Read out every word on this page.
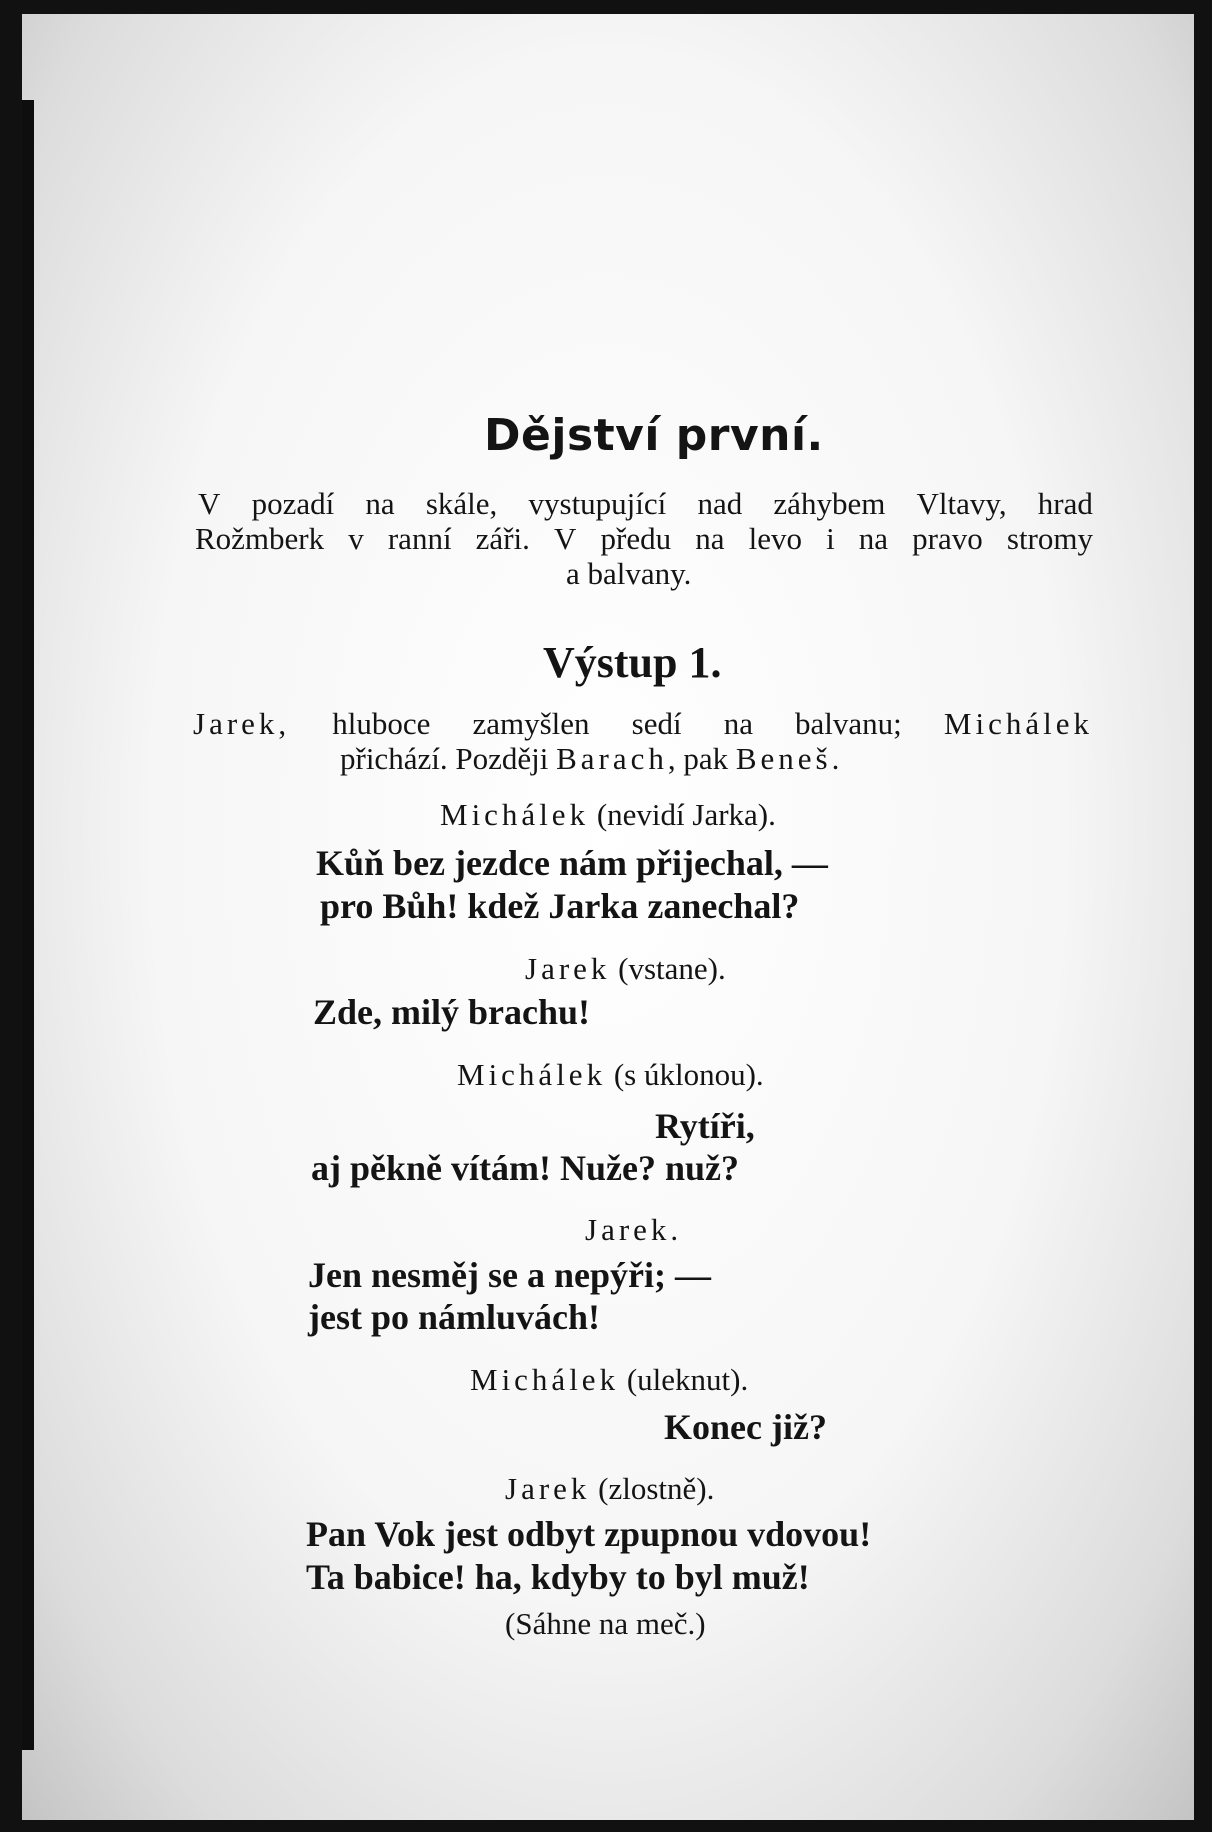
Dějství první.
V pozadí na skále, vystupující nad záhybem Vltavy, hrad
Rožmberk v ranní záři. V předu na levo i na pravo stromy
a balvany.
Výstup 1.
Jarek, hluboce zamyšlen sedí na balvanu; Michálek
přichází. Později Barach, pak Beneš.
Michálek (nevidí Jarka).
Kůň bez jezdce nám přijechal, —
pro Bůh! kdež Jarka zanechal?
Jarek (vstane).
Zde, milý brachu!
Michálek (s úklonou).
Rytíři,
aj pěkně vítám! Nuže? nuž?
Jarek.
Jen nesměj se a nepýři; —
jest po námluvách!
Michálek (uleknut).
Konec již?
Jarek (zlostně).
Pan Vok jest odbyt zpupnou vdovou!
Ta babice! ha, kdyby to byl muž!
(Sáhne na meč.)
